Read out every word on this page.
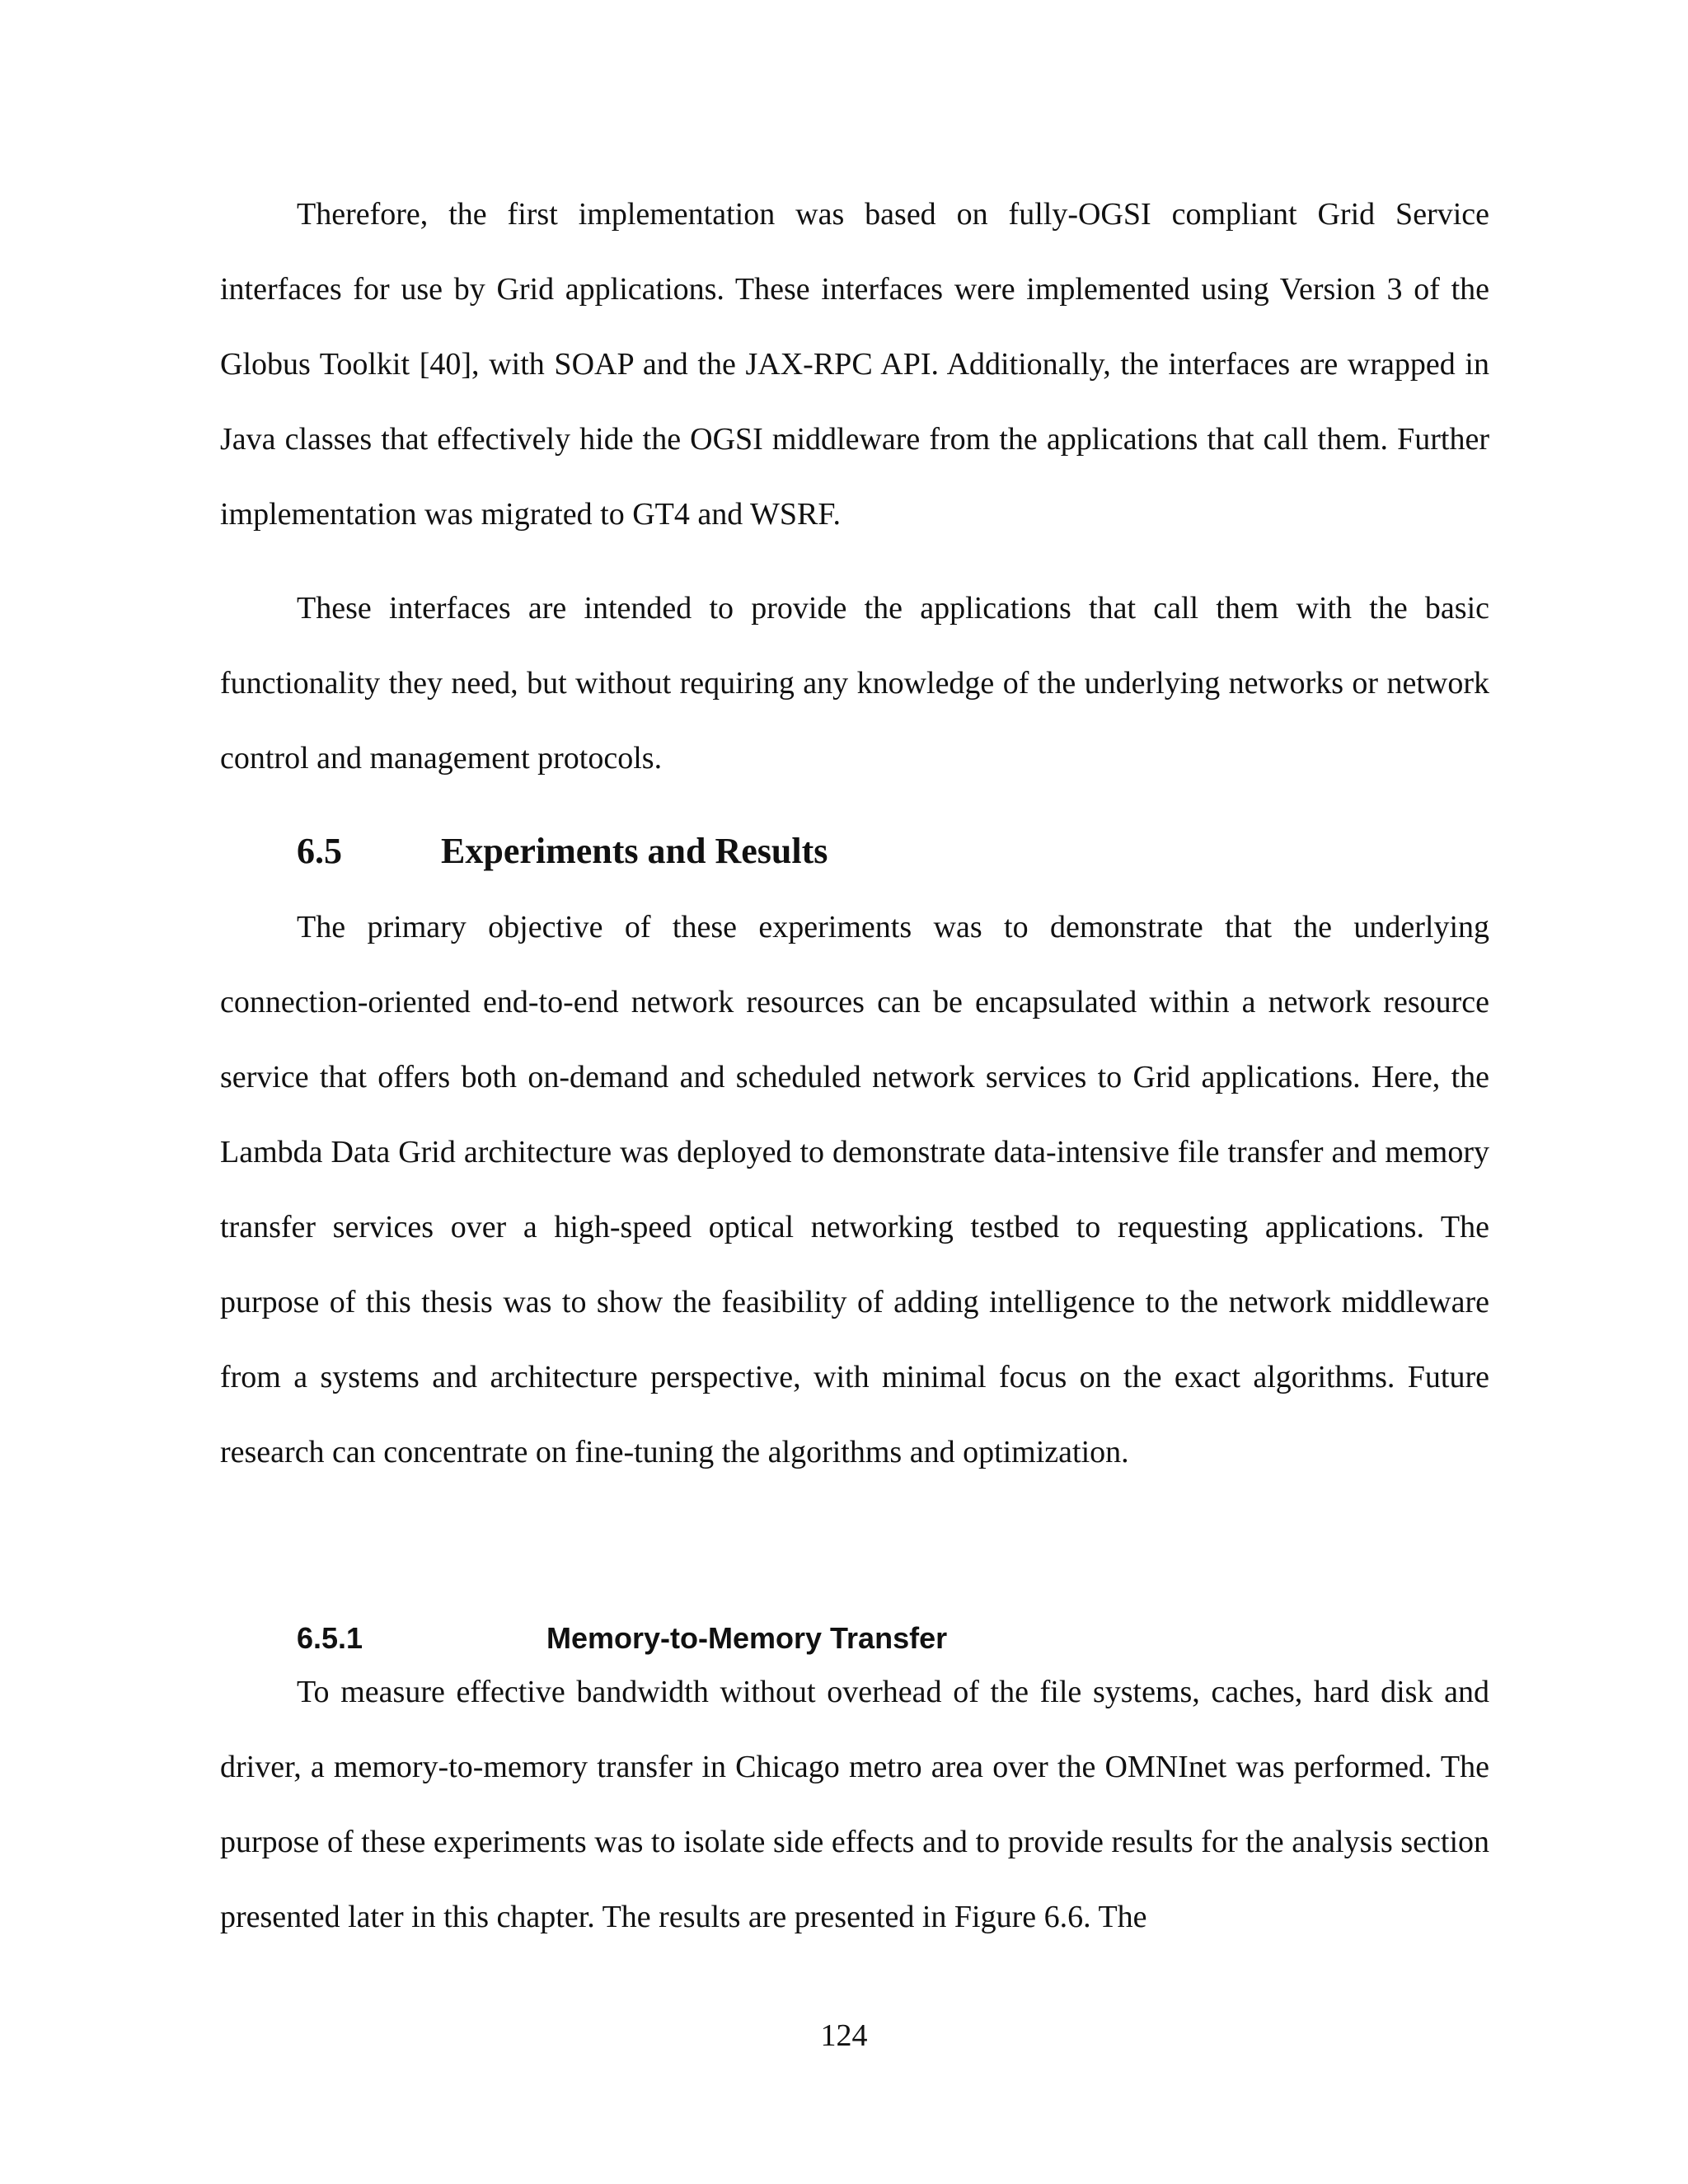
Therefore, the first implementation was based on fully-OGSI compliant Grid Service interfaces for use by Grid applications. These interfaces were implemented using Version 3 of the Globus Toolkit [40], with SOAP and the JAX-RPC API. Additionally, the interfaces are wrapped in Java classes that effectively hide the OGSI middleware from the applications that call them. Further implementation was migrated to GT4 and WSRF.

These interfaces are intended to provide the applications that call them with the basic functionality they need, but without requiring any knowledge of the underlying networks or network control and management protocols.

6.5	Experiments and Results

The primary objective of these experiments was to demonstrate that the underlying connection-oriented end-to-end network resources can be encapsulated within a network resource service that offers both on-demand and scheduled network services to Grid applications. Here, the Lambda Data Grid architecture was deployed to demonstrate data-intensive file transfer and memory transfer services over a high-speed optical networking testbed to requesting applications. The purpose of this thesis was to show the feasibility of adding intelligence to the network middleware from a systems and architecture perspective, with minimal focus on the exact algorithms. Future research can concentrate on fine-tuning the algorithms and optimization.

6.5.1	Memory-to-Memory Transfer

To measure effective bandwidth without overhead of the file systems, caches, hard disk and driver, a memory-to-memory transfer in Chicago metro area over the OMNInet was performed. The purpose of these experiments was to isolate side effects and to provide results for the analysis section presented later in this chapter. The results are presented in Figure 6.6. The

124
